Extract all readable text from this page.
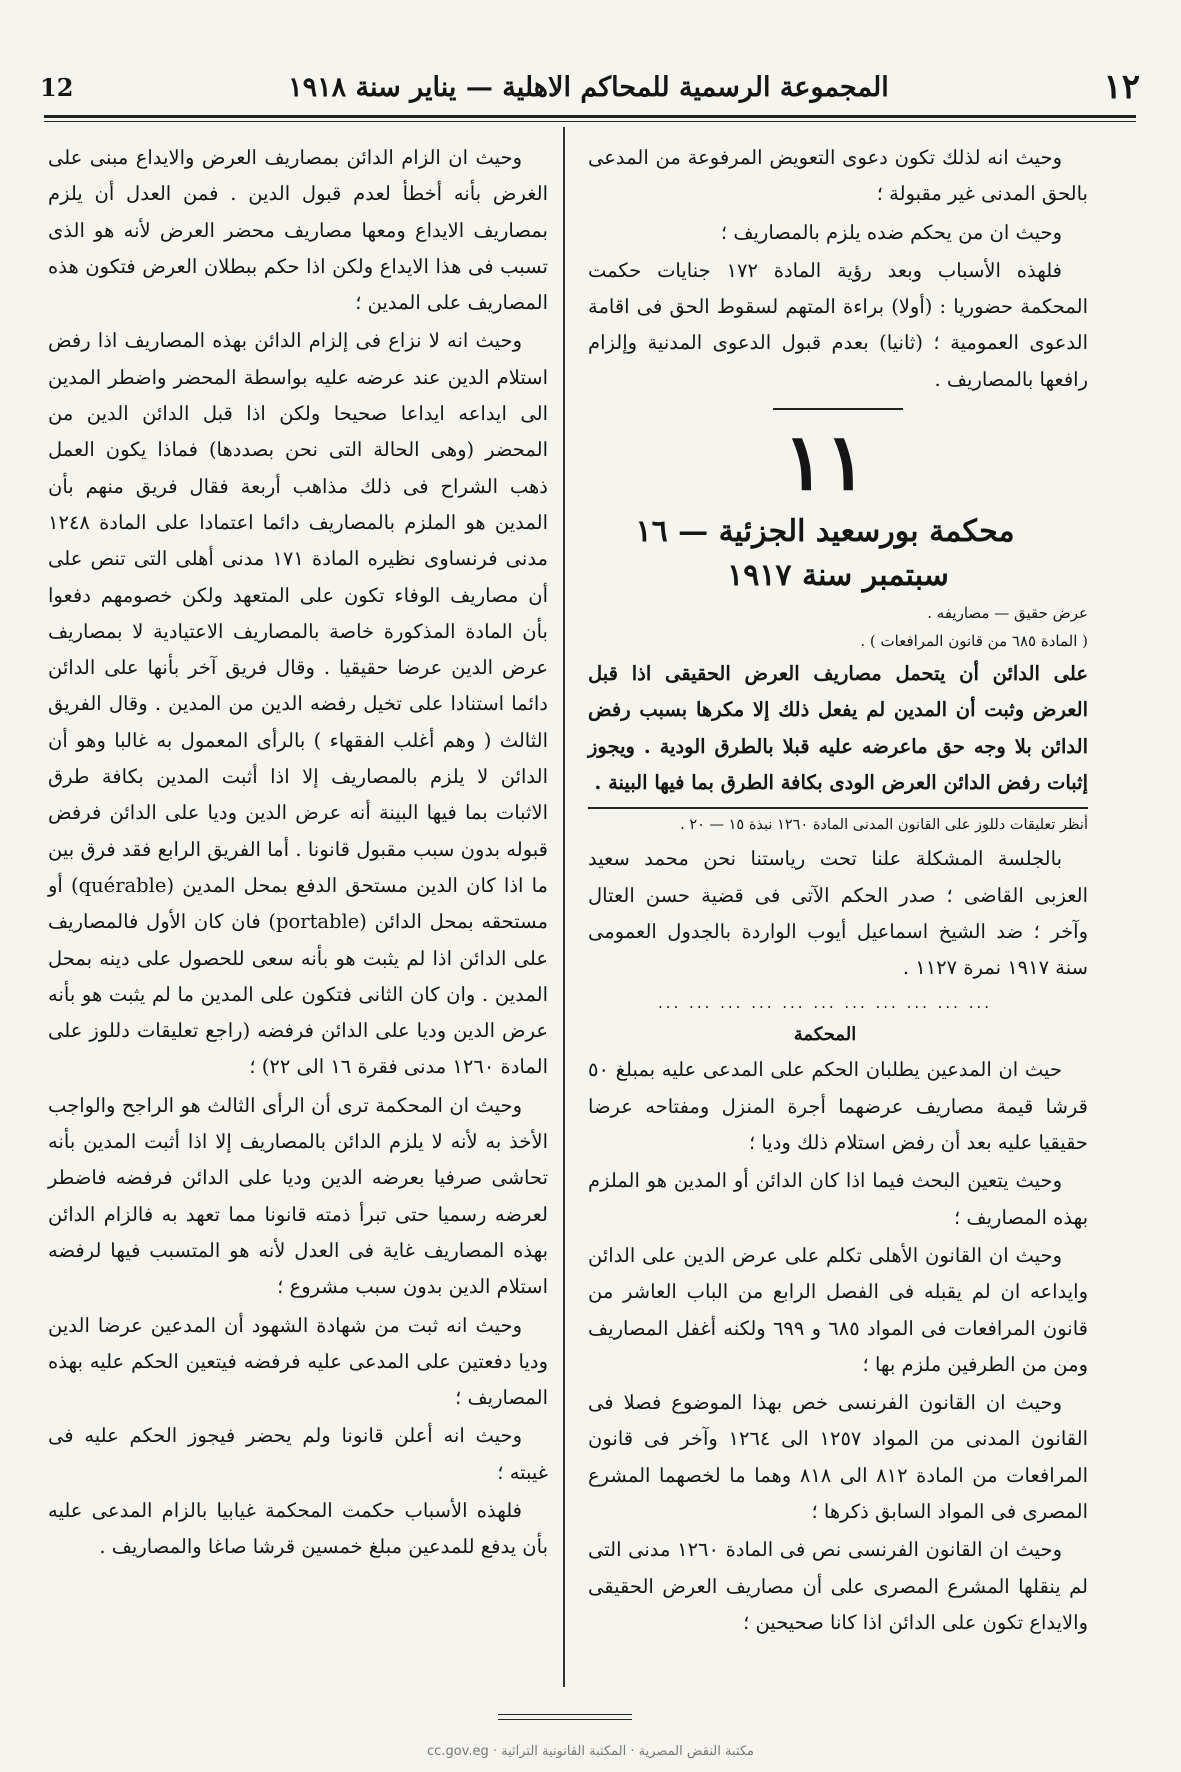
١٢
المجموعة الرسمية للمحاكم الاهلية — يناير سنة ١٩١٨
12

وحيث انه لذلك تكون دعوى التعويض المرفوعة من المدعى بالحق المدنى غير مقبولة ؛

وحيث ان من يحكم ضده يلزم بالمصاريف ؛

فلهذه الأسباب وبعد رؤية المادة ١٧٢ جنايات حكمت المحكمة حضوريا : (أولا) براءة المتهم لسقوط الحق فى اقامة الدعوى العمومية ؛ (ثانيا) بعدم قبول الدعوى المدنية وإلزام رافعها بالمصاريف .

١١

محكمة بورسعيد الجزئية — ١٦ سبتمبر سنة ١٩١٧

عرض حقيق — مصاريفه .

( المادة ٦٨٥ من قانون المرافعات ) .

على الدائن أن يتحمل مصاريف العرض الحقيقى اذا قبل العرض وثبت أن المدين لم يفعل ذلك إلا مكرها بسبب رفض الدائن بلا وجه حق ماعرضه عليه قبلا بالطرق الودية . ويجوز إثبات رفض الدائن العرض الودى بكافة الطرق بما فيها البينة .

أنظر تعليقات دللوز على القانون المدنى المادة ١٢٦٠ نبذة ١٥ — ٢٠ .

بالجلسة المشكلة علنا تحت رياستنا نحن محمد سعيد العزبى القاضى ؛ صدر الحكم الآتى فى قضية حسن العتال وآخر ؛ ضد الشيخ اسماعيل أيوب الواردة بالجدول العمومى سنة ١٩١٧ نمرة ١١٢٧ .

... ... ... ... ... ... ... ... ... ... ...

المحكمة

حيث ان المدعين يطلبان الحكم على المدعى عليه بمبلغ ٥٠ قرشا قيمة مصاريف عرضهما أجرة المنزل ومفتاحه عرضا حقيقيا عليه بعد أن رفض استلام ذلك وديا ؛

وحيث يتعين البحث فيما اذا كان الدائن أو المدين هو الملزم بهذه المصاريف ؛

وحيث ان القانون الأهلى تكلم على عرض الدين على الدائن وايداعه ان لم يقبله فى الفصل الرابع من الباب العاشر من قانون المرافعات فى المواد ٦٨٥ و ٦٩٩ ولكنه أغفل المصاريف ومن من الطرفين ملزم بها ؛

وحيث ان القانون الفرنسى خص بهذا الموضوع فصلا فى القانون المدنى من المواد ١٢٥٧ الى ١٢٦٤ وآخر فى قانون المرافعات من المادة ٨١٢ الى ٨١٨ وهما ما لخصهما المشرع المصرى فى المواد السابق ذكرها ؛

وحيث ان القانون الفرنسى نص فى المادة ١٢٦٠ مدنى التى لم ينقلها المشرع المصرى على أن مصاريف العرض الحقيقى والايداع تكون على الدائن اذا كانا صحيحين ؛

وحيث ان الزام الدائن بمصاريف العرض والايداع مبنى على الغرض بأنه أخطأ لعدم قبول الدين . فمن العدل أن يلزم بمصاريف الايداع ومعها مصاريف محضر العرض لأنه هو الذى تسبب فى هذا الايداع ولكن اذا حكم ببطلان العرض فتكون هذه المصاريف على المدين ؛

وحيث انه لا نزاع فى إلزام الدائن بهذه المصاريف اذا رفض استلام الدين عند عرضه عليه بواسطة المحضر واضطر المدين الى ايداعه ايداعا صحيحا ولكن اذا قبل الدائن الدين من المحضر (وهى الحالة التى نحن بصددها) فماذا يكون العمل ذهب الشراح فى ذلك مذاهب أربعة فقال فريق منهم بأن المدين هو الملزم بالمصاريف دائما اعتمادا على المادة ١٢٤٨ مدنى فرنساوى نظيره المادة ١٧١ مدنى أهلى التى تنص على أن مصاريف الوفاء تكون على المتعهد ولكن خصومهم دفعوا بأن المادة المذكورة خاصة بالمصاريف الاعتيادية لا بمصاريف عرض الدين عرضا حقيقيا . وقال فريق آخر بأنها على الدائن دائما استنادا على تخيل رفضه الدين من المدين . وقال الفريق الثالث ( وهم أغلب الفقهاء ) بالرأى المعمول به غالبا وهو أن الدائن لا يلزم بالمصاريف إلا اذا أثبت المدين بكافة طرق الاثبات بما فيها البينة أنه عرض الدين وديا على الدائن فرفض قبوله بدون سبب مقبول قانونا . أما الفريق الرابع فقد فرق بين ما اذا كان الدين مستحق الدفع بمحل المدين (quérable) أو مستحقه بمحل الدائن (portable) فان كان الأول فالمصاريف على الدائن اذا لم يثبت هو بأنه سعى للحصول على دينه بمحل المدين . وان كان الثانى فتكون على المدين ما لم يثبت هو بأنه عرض الدين وديا على الدائن فرفضه (راجع تعليقات دللوز على المادة ١٢٦٠ مدنى فقرة ١٦ الى ٢٢) ؛

وحيث ان المحكمة ترى أن الرأى الثالث هو الراجح والواجب الأخذ به لأنه لا يلزم الدائن بالمصاريف إلا اذا أثبت المدين بأنه تحاشى صرفيا بعرضه الدين وديا على الدائن فرفضه فاضطر لعرضه رسميا حتى تبرأ ذمته قانونا مما تعهد به فالزام الدائن بهذه المصاريف غاية فى العدل لأنه هو المتسبب فيها لرفضه استلام الدين بدون سبب مشروع ؛

وحيث انه ثبت من شهادة الشهود أن المدعين عرضا الدين وديا دفعتين على المدعى عليه فرفضه فيتعين الحكم عليه بهذه المصاريف ؛

وحيث انه أعلن قانونا ولم يحضر فيجوز الحكم عليه فى غيبته ؛

فلهذه الأسباب حكمت المحكمة غيابيا بالزام المدعى عليه بأن يدفع للمدعين مبلغ خمسين قرشا صاغا والمصاريف .

cc.gov.eg · مكتبة النقض المصرية · المكتبة القانونية التراثية
